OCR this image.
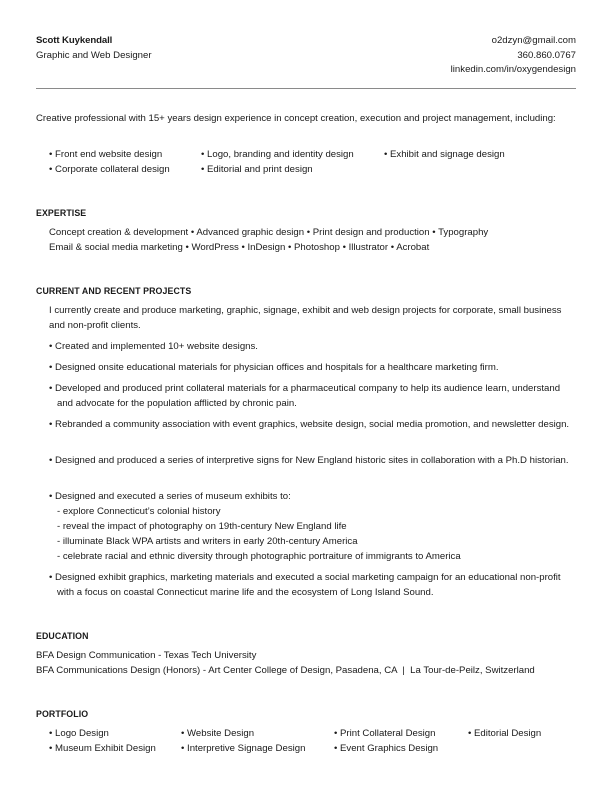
Scott Kuykendall
Graphic and Web Designer
o2dzyn@gmail.com
360.860.0767
linkedin.com/in/oxygendesign
Creative professional with 15+ years design experience in concept creation, execution and project management, including:
• Front end website design	• Logo, branding and identity design	• Exhibit and signage design
• Corporate collateral design	• Editorial and print design
EXPERTISE
Concept creation & development • Advanced graphic design • Print design and production • Typography
Email & social media marketing • WordPress • InDesign • Photoshop • Illustrator • Acrobat
CURRENT AND RECENT PROJECTS
I currently create and produce marketing, graphic, signage, exhibit and web design projects for corporate, small business and non-profit clients.
• Created and implemented 10+ website designs.
• Designed onsite educational materials for physician offices and hospitals for a healthcare marketing firm.
• Developed and produced print collateral materials for a pharmaceutical company to help its audience learn, understand and advocate for the population afflicted by chronic pain.
• Rebranded a community association with event graphics, website design, social media promotion, and newsletter design.
• Designed and produced a series of interpretive signs for New England historic sites in collaboration with a Ph.D historian.
• Designed and executed a series of museum exhibits to:
- explore Connecticut’s colonial history
- reveal the impact of photography on 19th-century New England life
- illuminate Black WPA artists and writers in early 20th-century America
- celebrate racial and ethnic diversity through photographic portraiture of immigrants to America
• Designed exhibit graphics, marketing materials and executed a social marketing campaign for an educational non-profit with a focus on coastal Connecticut marine life and the ecosystem of Long Island Sound.
EDUCATION
BFA Design Communication - Texas Tech University
BFA Communications Design (Honors) - Art Center College of Design, Pasadena, CA  |  La Tour-de-Peilz, Switzerland
PORTFOLIO
• Logo Design	• Website Design	• Print Collateral Design	• Editorial Design
• Museum Exhibit Design	• Interpretive Signage Design	• Event Graphics Design
